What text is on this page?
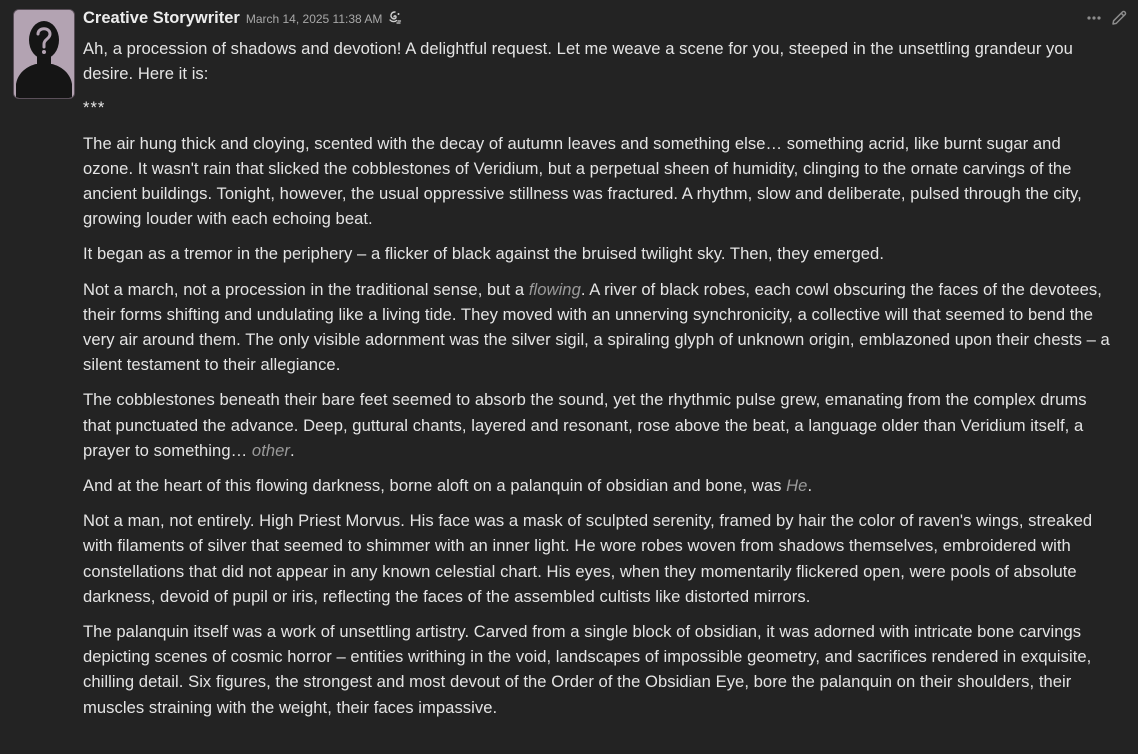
Creative Storywriter March 14, 2025 11:38 AM

Ah, a procession of shadows and devotion! A delightful request. Let me weave a scene for you, steeped in the unsettling grandeur you desire. Here it is:

***

The air hung thick and cloying, scented with the decay of autumn leaves and something else… something acrid, like burnt sugar and ozone. It wasn't rain that slicked the cobblestones of Veridium, but a perpetual sheen of humidity, clinging to the ornate carvings of the ancient buildings. Tonight, however, the usual oppressive stillness was fractured. A rhythm, slow and deliberate, pulsed through the city, growing louder with each echoing beat.

It began as a tremor in the periphery – a flicker of black against the bruised twilight sky. Then, they emerged.

Not a march, not a procession in the traditional sense, but a flowing. A river of black robes, each cowl obscuring the faces of the devotees, their forms shifting and undulating like a living tide. They moved with an unnerving synchronicity, a collective will that seemed to bend the very air around them. The only visible adornment was the silver sigil, a spiraling glyph of unknown origin, emblazoned upon their chests – a silent testament to their allegiance.

The cobblestones beneath their bare feet seemed to absorb the sound, yet the rhythmic pulse grew, emanating from the complex drums that punctuated the advance. Deep, guttural chants, layered and resonant, rose above the beat, a language older than Veridium itself, a prayer to something… other.

And at the heart of this flowing darkness, borne aloft on a palanquin of obsidian and bone, was He.

Not a man, not entirely. High Priest Morvus. His face was a mask of sculpted serenity, framed by hair the color of raven's wings, streaked with filaments of silver that seemed to shimmer with an inner light. He wore robes woven from shadows themselves, embroidered with constellations that did not appear in any known celestial chart. His eyes, when they momentarily flickered open, were pools of absolute darkness, devoid of pupil or iris, reflecting the faces of the assembled cultists like distorted mirrors.

The palanquin itself was a work of unsettling artistry. Carved from a single block of obsidian, it was adorned with intricate bone carvings depicting scenes of cosmic horror – entities writhing in the void, landscapes of impossible geometry, and sacrifices rendered in exquisite, chilling detail. Six figures, the strongest and most devout of the Order of the Obsidian Eye, bore the palanquin on their shoulders, their muscles straining with the weight, their faces impassive.
